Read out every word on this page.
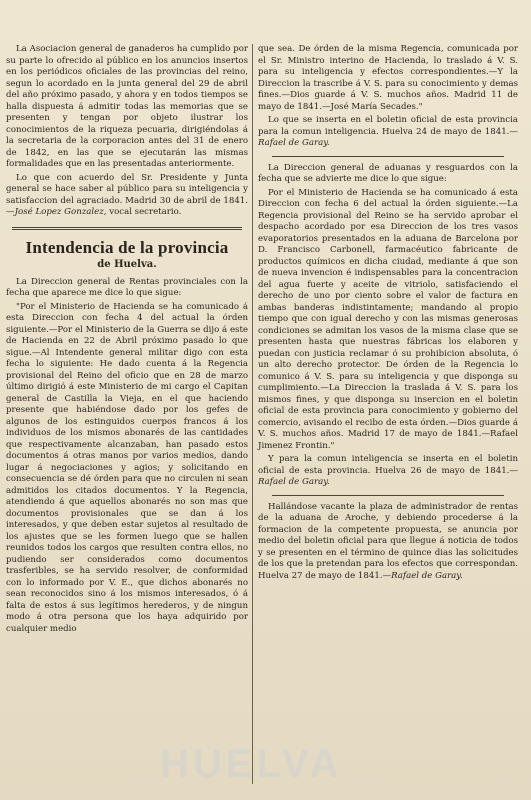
La Asociacion general de ganaderos ha cumplido por su parte lo ofrecido al público en los anuncios insertos en los periódicos oficiales de las provincias del reino, segun lo acordado en la junta general del 29 de abril del año próximo pasado, y ahora y en todos tiempos se halla dispuesta á admitir todas las memorias que se presenten y tengan por objeto ilustrar los conocimientos de la riqueza pecuaria, dirigiéndolas á la secretaria de la corporacion antes del 31 de enero de 1842, en las que se ejecutarán las mismas formalidades que en las presentadas anteriormente.

Lo que con acuerdo del Sr. Presidente y Junta general se hace saber al público para su inteligencia y satisfaccion del agraciado. Madrid 30 de abril de 1841.—José Lopez Gonzalez, vocal secretario.

Intendencia de la provincia
de Huelva.

La Direccion general de Rentas provinciales con la fecha que aparece me dice lo que sigue:

"Por el Ministerio de Hacienda se ha comunicado á esta Direccion con fecha 4 del actual la órden siguiente.—Por el Ministerio de la Guerra se dijo á este de Hacienda en 22 de Abril próximo pasado lo que sigue.—Al Intendente general militar digo con esta fecha lo siguiente: He dado cuenta á la Regencia provisional del Reino del oficio que en 28 de marzo último dirigió á este Ministerio de mi cargo el Capitan general de Castilla la Vieja, en el que haciendo presente que habiéndose dado por los gefes de algunos de los estinguidos cuerpos francos á los individuos de los mismos abonarés de las cantidades que respectivamente alcanzaban, han pasado estos documentos á otras manos por varios medios, dando lugar á negociaciones y agios; y solicitando en consecuencia se dé órden para que no circulen ni sean admitidos los citados documentos. Y la Regencia, atendiendo á que aquellos abonarés no son mas que documentos provisionales que se dan á los interesados, y que deben estar sujetos al resultado de los ajustes que se les formen luego que se hallen reunidos todos los cargos que resulten contra ellos, no pudiendo ser considerados como documentos trasferibles, se ha servido resolver, de conformidad con lo informado por V. E., que dichos abonarés no sean reconocidos sino á los mismos interesados, ó á falta de estos á sus legítimos herederos, y de ningun modo á otra persona que los haya adquirido por cualquier medio

que sea. De órden de la misma Regencia, comunicada por el Sr. Ministro interino de Hacienda, lo traslado á V. S. para su inteligencia y efectos correspondientes.—Y la Direccion la trascribe á V. S. para su conocimiento y demas fines.—Dios guarde á V. S. muchos años. Madrid 11 de mayo de 1841.—José María Secades."

Lo que se inserta en el boletin oficial de esta provincia para la comun inteligencia. Huelva 24 de mayo de 1841.—Rafael de Garay.

La Direccion general de aduanas y resguardos con la fecha que se advierte me dice lo que sigue:

Por el Ministerio de Hacienda se ha comunicado á esta Direccion con fecha 6 del actual la órden siguiente.—La Regencia provisional del Reino se ha servido aprobar el despacho acordado por esa Direccion de los tres vasos evaporatorios presentados en la aduana de Barcelona por D. Francisco Carbonell, farmacéutico fabricante de productos químicos en dicha ciudad, mediante á que son de nueva invencion é indispensables para la concentracion del agua fuerte y aceite de vitriolo, satisfaciendo el derecho de uno por ciento sobre el valor de factura en ambas banderas indistintamente; mandando al propio tiempo que con igual derecho y con las mismas generosas condiciones se admitan los vasos de la misma clase que se presenten hasta que nuestras fábricas los elaboren y puedan con justicia reclamar ó su prohibicion absoluta, ó un alto derecho protector. De órden de la Regencia lo comunico á V. S. para su inteligencia y que disponga su cumplimiento.—La Direccion la traslada á V. S. para los mismos fines, y que disponga su insercion en el boletin oficial de esta provincia para conocimiento y gobierno del comercio, avisando el recibo de esta órden.—Dios guarde á V. S. muchos años. Madrid 17 de mayo de 1841.—Rafael Jimenez Frontin."

Y para la comun inteligencia se inserta en el boletin oficial de esta provincia. Huelva 26 de mayo de 1841.—Rafael de Garay.

Hallándose vacante la plaza de administrador de rentas de la aduana de Aroche, y debiendo procederse á la formacion de la competente propuesta, se anuncia por medio del boletin oficial para que llegue á noticia de todos y se presenten en el término de quince dias las solicitudes de los que la pretendan para los efectos que correspondan. Huelva 27 de mayo de 1841.—Rafael de Garay.

HUELVA
